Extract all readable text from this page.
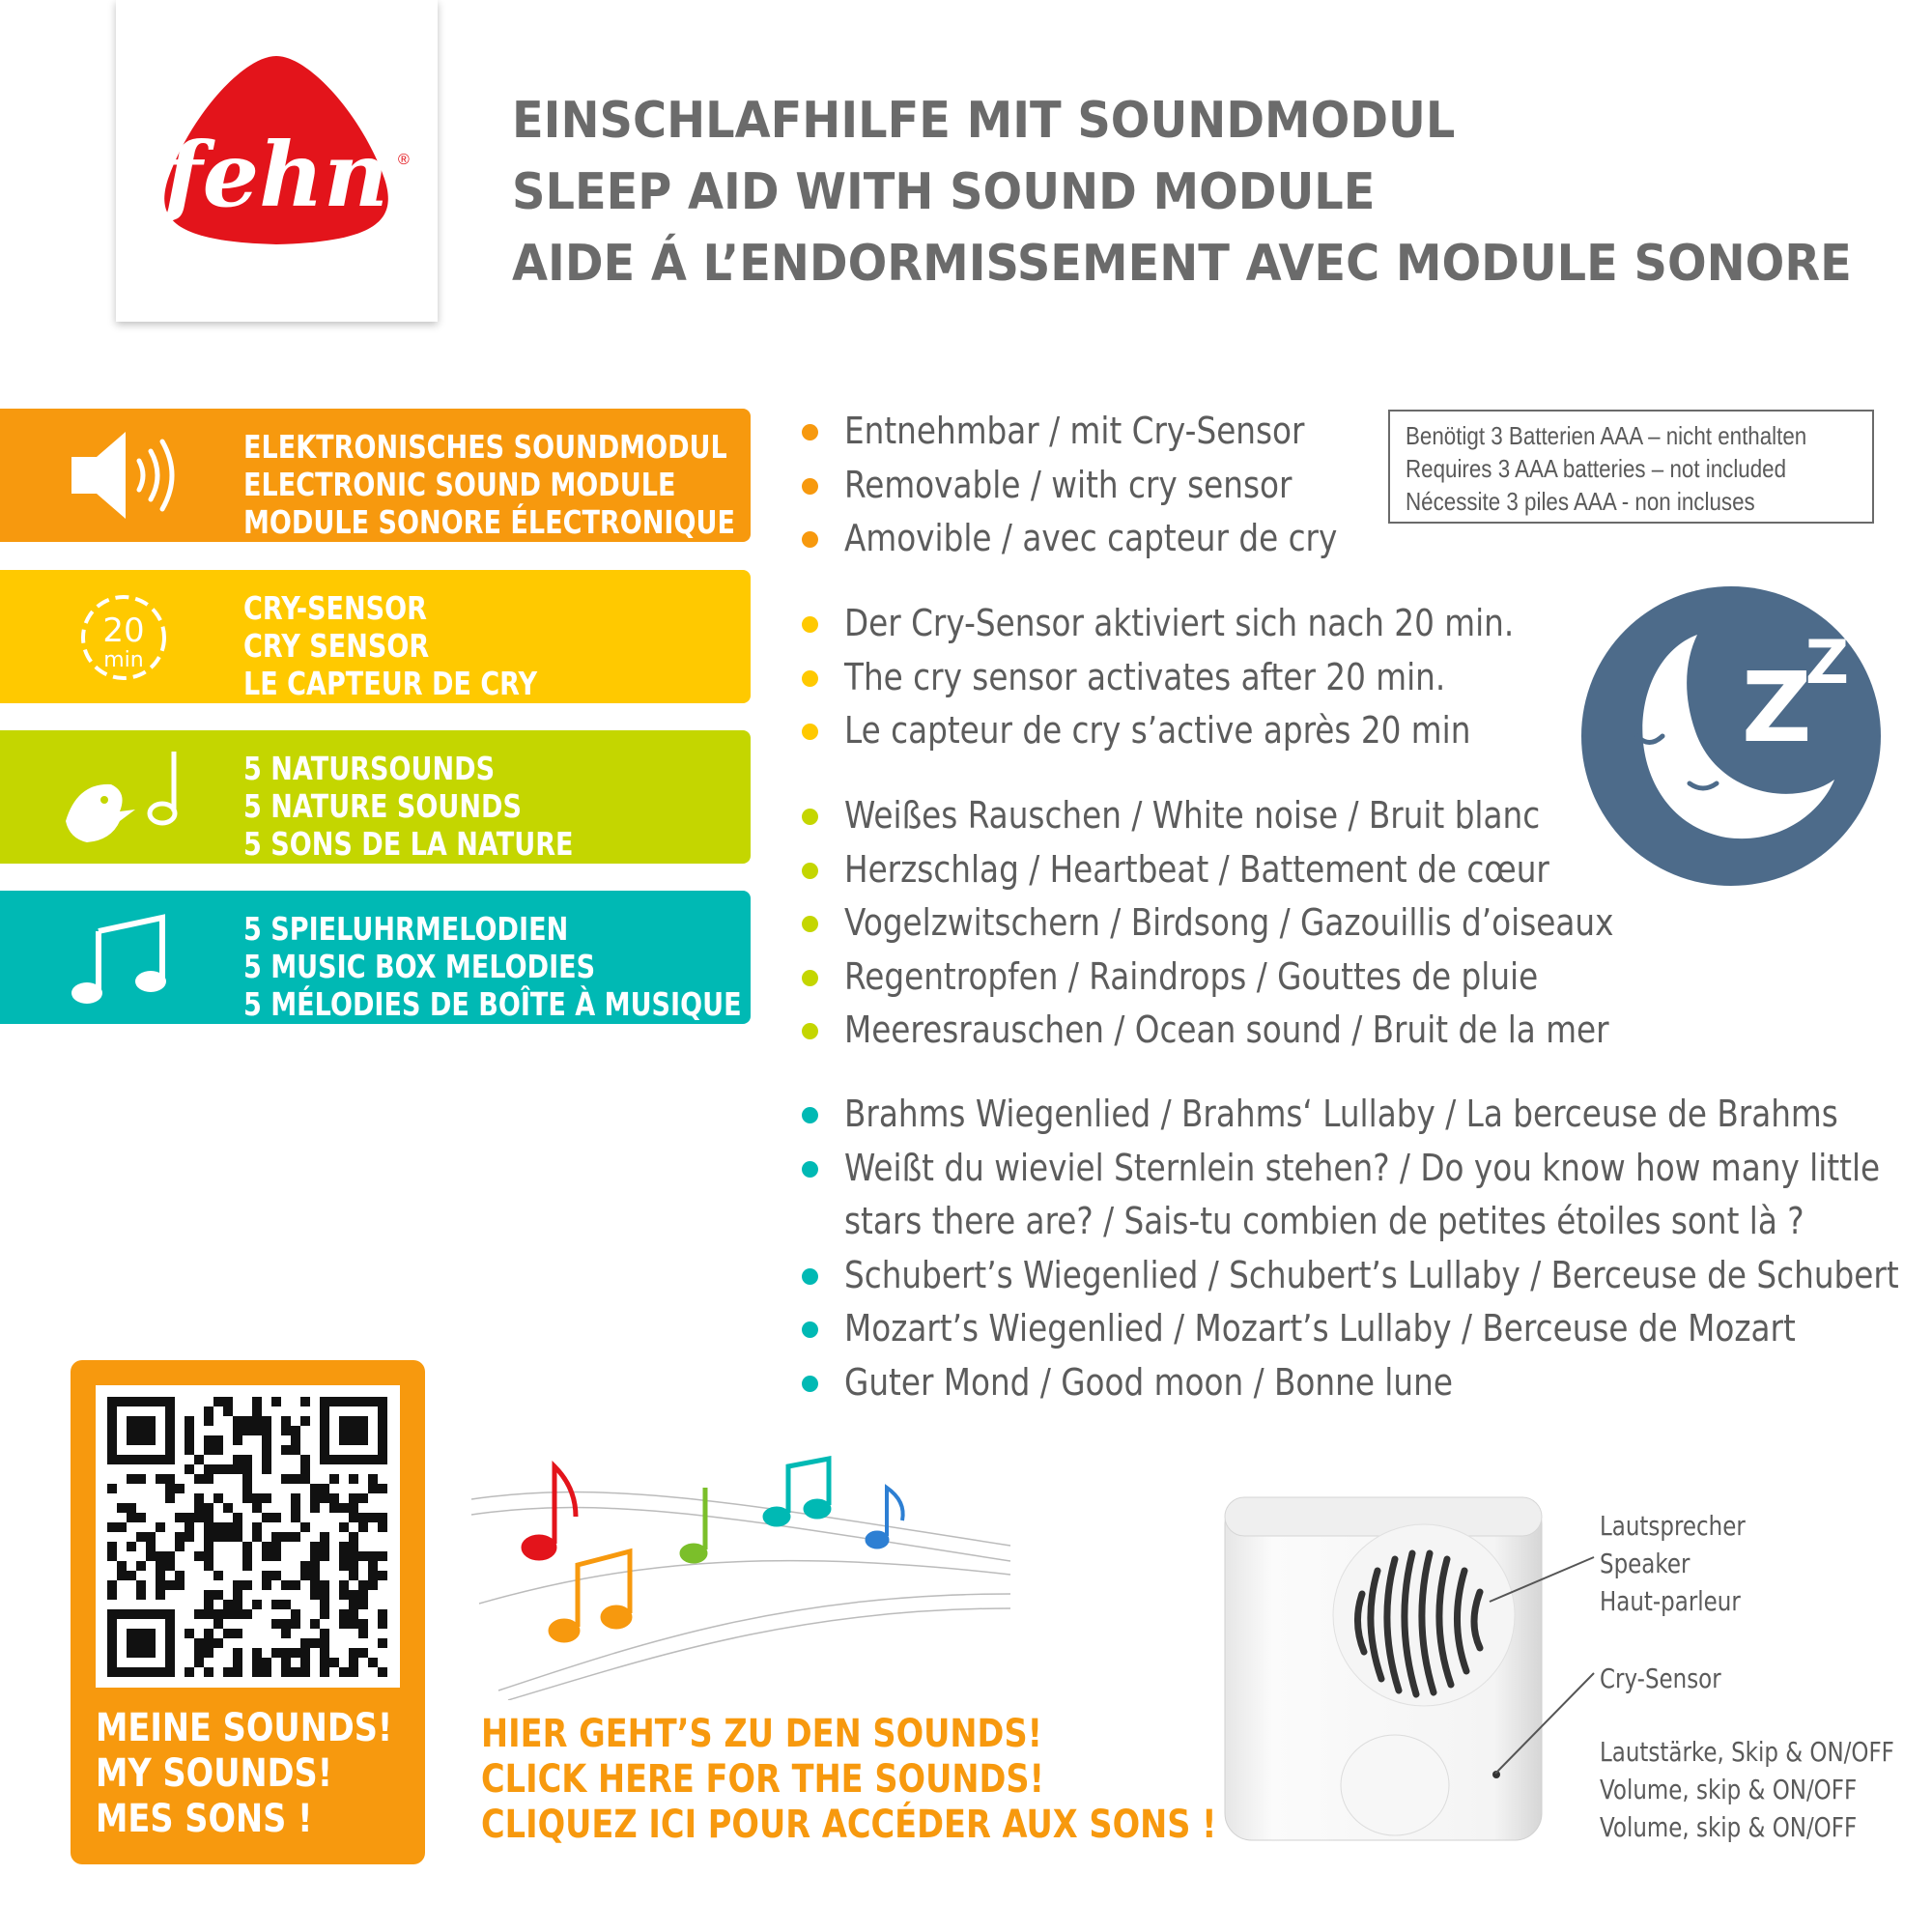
fehn ®
EINSCHLAFHILFE MIT SOUNDMODUL
SLEEP AID WITH SOUND MODULE
AIDE Á L’ENDORMISSEMENT AVEC MODULE SONORE
ELEKTRONISCHES SOUNDMODUL
ELECTRONIC SOUND MODULE
MODULE SONORE ÉLECTRONIQUE
20
min
CRY-SENSOR
CRY SENSOR
LE CAPTEUR DE CRY
5 NATURSOUNDS
5 NATURE SOUNDS
5 SONS DE LA NATURE
5 SPIELUHRMELODIEN
5 MUSIC BOX MELODIES
5 MÉLODIES DE BOÎTE À MUSIQUE
Entnehmbar / mit Cry-Sensor
Removable / with cry sensor
Amovible / avec capteur de cry
Der Cry-Sensor aktiviert sich nach 20 min.
The cry sensor activates after 20 min.
Le capteur de cry s’active après 20 min
Weißes Rauschen / White noise / Bruit blanc
Herzschlag / Heartbeat / Battement de cœur
Vogelzwitschern / Birdsong / Gazouillis d’oiseaux
Regentropfen / Raindrops / Gouttes de pluie
Meeresrauschen / Ocean sound / Bruit de la mer
Brahms Wiegenlied / Brahms‘ Lullaby / La berceuse de Brahms
Weißt du wieviel Sternlein stehen? / Do you know how many little
stars there are? / Sais-tu combien de petites étoiles sont là ?
Schubert’s Wiegenlied / Schubert’s Lullaby / Berceuse de Schubert
Mozart’s Wiegenlied / Mozart’s Lullaby / Berceuse de Mozart
Guter Mond / Good moon / Bonne lune
Benötigt 3 Batterien AAA – nicht enthalten
Requires 3 AAA batteries – not included
Nécessite 3 piles AAA - non incluses
Z
Z
MEINE SOUNDS!
MY SOUNDS!
MES SONS !
HIER GEHT’S ZU DEN SOUNDS!
CLICK HERE FOR THE SOUNDS!
CLIQUEZ ICI POUR ACCÉDER AUX SONS !
Lautsprecher
Speaker
Haut-parleur
Cry-Sensor
Lautstärke, Skip & ON/OFF
Volume, skip & ON/OFF
Volume, skip & ON/OFF
